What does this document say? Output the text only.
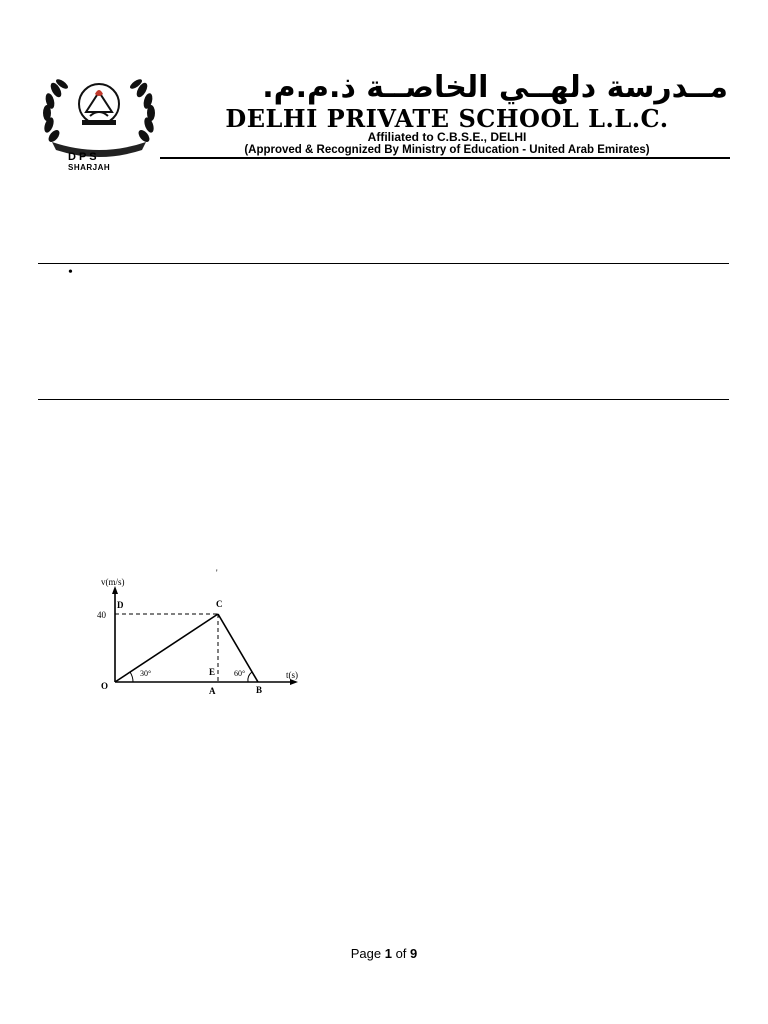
مــدرسة دلهــي الخاصــة ذ.م.م.
DELHI PRIVATE SCHOOL L.L.C.
Affiliated to C.B.S.E., DELHI
(Approved & Recognized By Ministry of Education - United Arab Emirates)
DPS
SHARJAH
•
v(m/s)
t(s)
40
D	C
E
O	A	B
30°	60°
'
Page 1 of 9
